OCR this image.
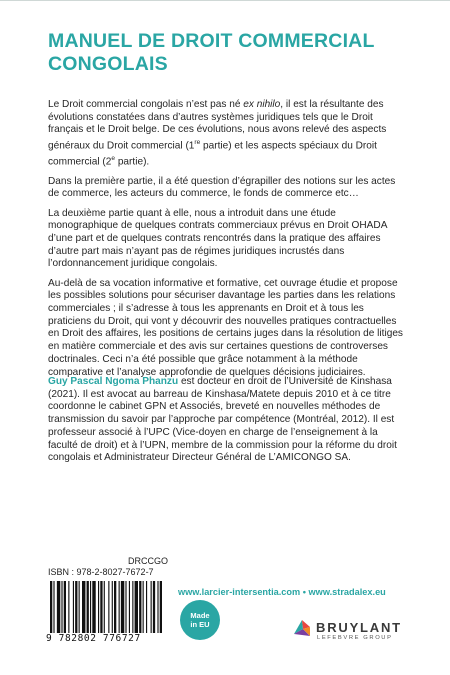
MANUEL DE DROIT COMMERCIAL
CONGOLAIS

Le Droit commercial congolais n’est pas né ex nihilo, il est la résultante des évolutions constatées dans d’autres systèmes juridiques tels que le Droit français et le Droit belge. De ces évolutions, nous avons relevé des aspects généraux du Droit commercial (1re partie) et les aspects spéciaux du Droit commercial (2e partie).

Dans la première partie, il a été question d’égrapiller des notions sur les actes de commerce, les acteurs du commerce, le fonds de commerce etc…

La deuxième partie quant à elle, nous a introduit dans une étude monographique de quelques contrats commerciaux prévus en Droit OHADA d’une part et de quelques contrats rencontrés dans la pratique des affaires d’autre part mais n’ayant pas de régimes juridiques incrustés dans l’ordonnancement juridique congolais.

Au-delà de sa vocation informative et formative, cet ouvrage étudie et propose les possibles solutions pour sécuriser davantage les parties dans les relations commerciales ; il s’adresse à tous les apprenants en Droit et à tous les praticiens du Droit, qui vont y découvrir des nouvelles pratiques contractuelles en Droit des affaires, les positions de certains juges dans la résolution de litiges en matière commerciale et des avis sur certaines questions de controverses doctrinales. Ceci n’a été possible que grâce notamment à la méthode comparative et l’analyse approfondie de quelques décisions judiciaires.

Guy Pascal Ngoma Phanzu est docteur en droit de l’Université de Kinshasa (2021). Il est avocat au barreau de Kinshasa/Matete depuis 2010 et à ce titre coordonne le cabinet GPN et Associés, breveté en nouvelles méthodes de transmission du savoir par l’approche par compétence (Montréal, 2012). Il est professeur associé à l’UPC (Vice-doyen en charge de l’enseignement à la faculté de droit) et à l’UPN, membre de la commission pour la réforme du droit congolais et Administrateur Directeur Général de L’AMICONGO SA.
DRCCGO
ISBN : 978-2-8027-7672-7
9 782802 776727
www.larcier-intersentia.com • www.stradalex.eu
Made
in EU	BRUYLANT
LEFEBVRE GROUP
